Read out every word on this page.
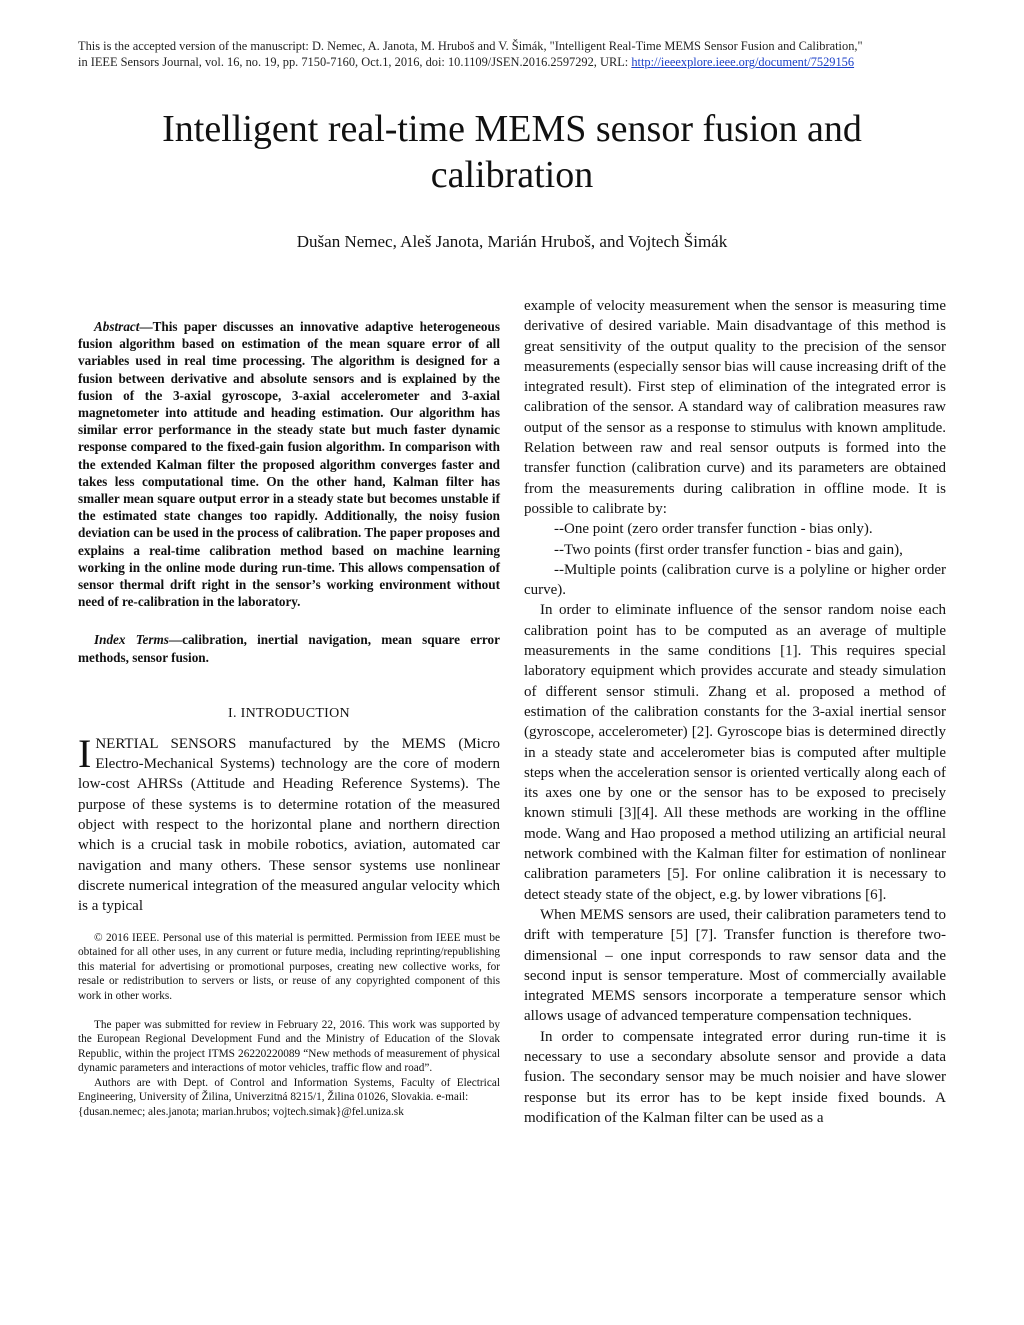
This is the accepted version of the manuscript: D. Nemec, A. Janota, M. Hruboš and V. Šimák, "Intelligent Real-Time MEMS Sensor Fusion and Calibration,"
in IEEE Sensors Journal, vol. 16, no. 19, pp. 7150-7160, Oct.1, 2016, doi: 10.1109/JSEN.2016.2597292, URL: http://ieeexplore.ieee.org/document/7529156
Intelligent real-time MEMS sensor fusion and
calibration
Dušan Nemec, Aleš Janota, Marián Hruboš, and Vojtech Šimák

Abstract—This paper discusses an innovative adaptive heterogeneous fusion algorithm based on estimation of the mean square error of all variables used in real time processing. The algorithm is designed for a fusion between derivative and absolute sensors and is explained by the fusion of the 3-axial gyroscope, 3-axial accelerometer and 3-axial magnetometer into attitude and heading estimation. Our algorithm has similar error performance in the steady state but much faster dynamic response compared to the fixed-gain fusion algorithm. In comparison with the extended Kalman filter the proposed algorithm converges faster and takes less computational time. On the other hand, Kalman filter has smaller mean square output error in a steady state but becomes unstable if the estimated state changes too rapidly. Additionally, the noisy fusion deviation can be used in the process of calibration. The paper proposes and explains a real-time calibration method based on machine learning working in the online mode during run-time. This allows compensation of sensor thermal drift right in the sensor’s working environment without need of re-calibration in the laboratory.

Index Terms—calibration, inertial navigation, mean square error methods, sensor fusion.

I. INTRODUCTION

INERTIAL SENSORS manufactured by the MEMS (Micro Electro-Mechanical Systems) technology are the core of modern low-cost AHRSs (Attitude and Heading Reference Systems). The purpose of these systems is to determine rotation of the measured object with respect to the horizontal plane and northern direction which is a crucial task in mobile robotics, aviation, automated car navigation and many others. These sensor systems use nonlinear discrete numerical integration of the measured angular velocity which is a typical

© 2016 IEEE. Personal use of this material is permitted. Permission from IEEE must be obtained for all other uses, in any current or future media, including reprinting/republishing this material for advertising or promotional purposes, creating new collective works, for resale or redistribution to servers or lists, or reuse of any copyrighted component of this work in other works.

The paper was submitted for review in February 22, 2016. This work was supported by the European Regional Development Fund and the Ministry of Education of the Slovak Republic, within the project ITMS 26220220089 “New methods of measurement of physical dynamic parameters and interactions of motor vehicles, traffic flow and road”.

Authors are with Dept. of Control and Information Systems, Faculty of Electrical Engineering, University of Žilina, Univerzitná 8215/1, Žilina 01026, Slovakia. e-mail:

{dusan.nemec; ales.janota; marian.hrubos; vojtech.simak}@fel.uniza.sk

example of velocity measurement when the sensor is measuring time derivative of desired variable. Main disadvantage of this method is great sensitivity of the output quality to the precision of the sensor measurements (especially sensor bias will cause increasing drift of the integrated result). First step of elimination of the integrated error is calibration of the sensor. A standard way of calibration measures raw output of the sensor as a response to stimulus with known amplitude. Relation between raw and real sensor outputs is formed into the transfer function (calibration curve) and its parameters are obtained from the measurements during calibration in offline mode. It is possible to calibrate by:

--One point (zero order transfer function - bias only).

--Two points (first order transfer function - bias and gain),

--Multiple points (calibration curve is a polyline or higher order curve).

In order to eliminate influence of the sensor random noise each calibration point has to be computed as an average of multiple measurements in the same conditions [1]. This requires special laboratory equipment which provides accurate and steady simulation of different sensor stimuli. Zhang et al. proposed a method of estimation of the calibration constants for the 3-axial inertial sensor (gyroscope, accelerometer) [2]. Gyroscope bias is determined directly in a steady state and accelerometer bias is computed after multiple steps when the acceleration sensor is oriented vertically along each of its axes one by one or the sensor has to be exposed to precisely known stimuli [3][4]. All these methods are working in the offline mode. Wang and Hao proposed a method utilizing an artificial neural network combined with the Kalman filter for estimation of nonlinear calibration parameters [5]. For online calibration it is necessary to detect steady state of the object, e.g. by lower vibrations [6].

When MEMS sensors are used, their calibration parameters tend to drift with temperature [5] [7]. Transfer function is therefore two-dimensional – one input corresponds to raw sensor data and the second input is sensor temperature. Most of commercially available integrated MEMS sensors incorporate a temperature sensor which allows usage of advanced temperature compensation techniques.

In order to compensate integrated error during run-time it is necessary to use a secondary absolute sensor and provide a data fusion. The secondary sensor may be much noisier and have slower response but its error has to be kept inside fixed bounds. A modification of the Kalman filter can be used as a
